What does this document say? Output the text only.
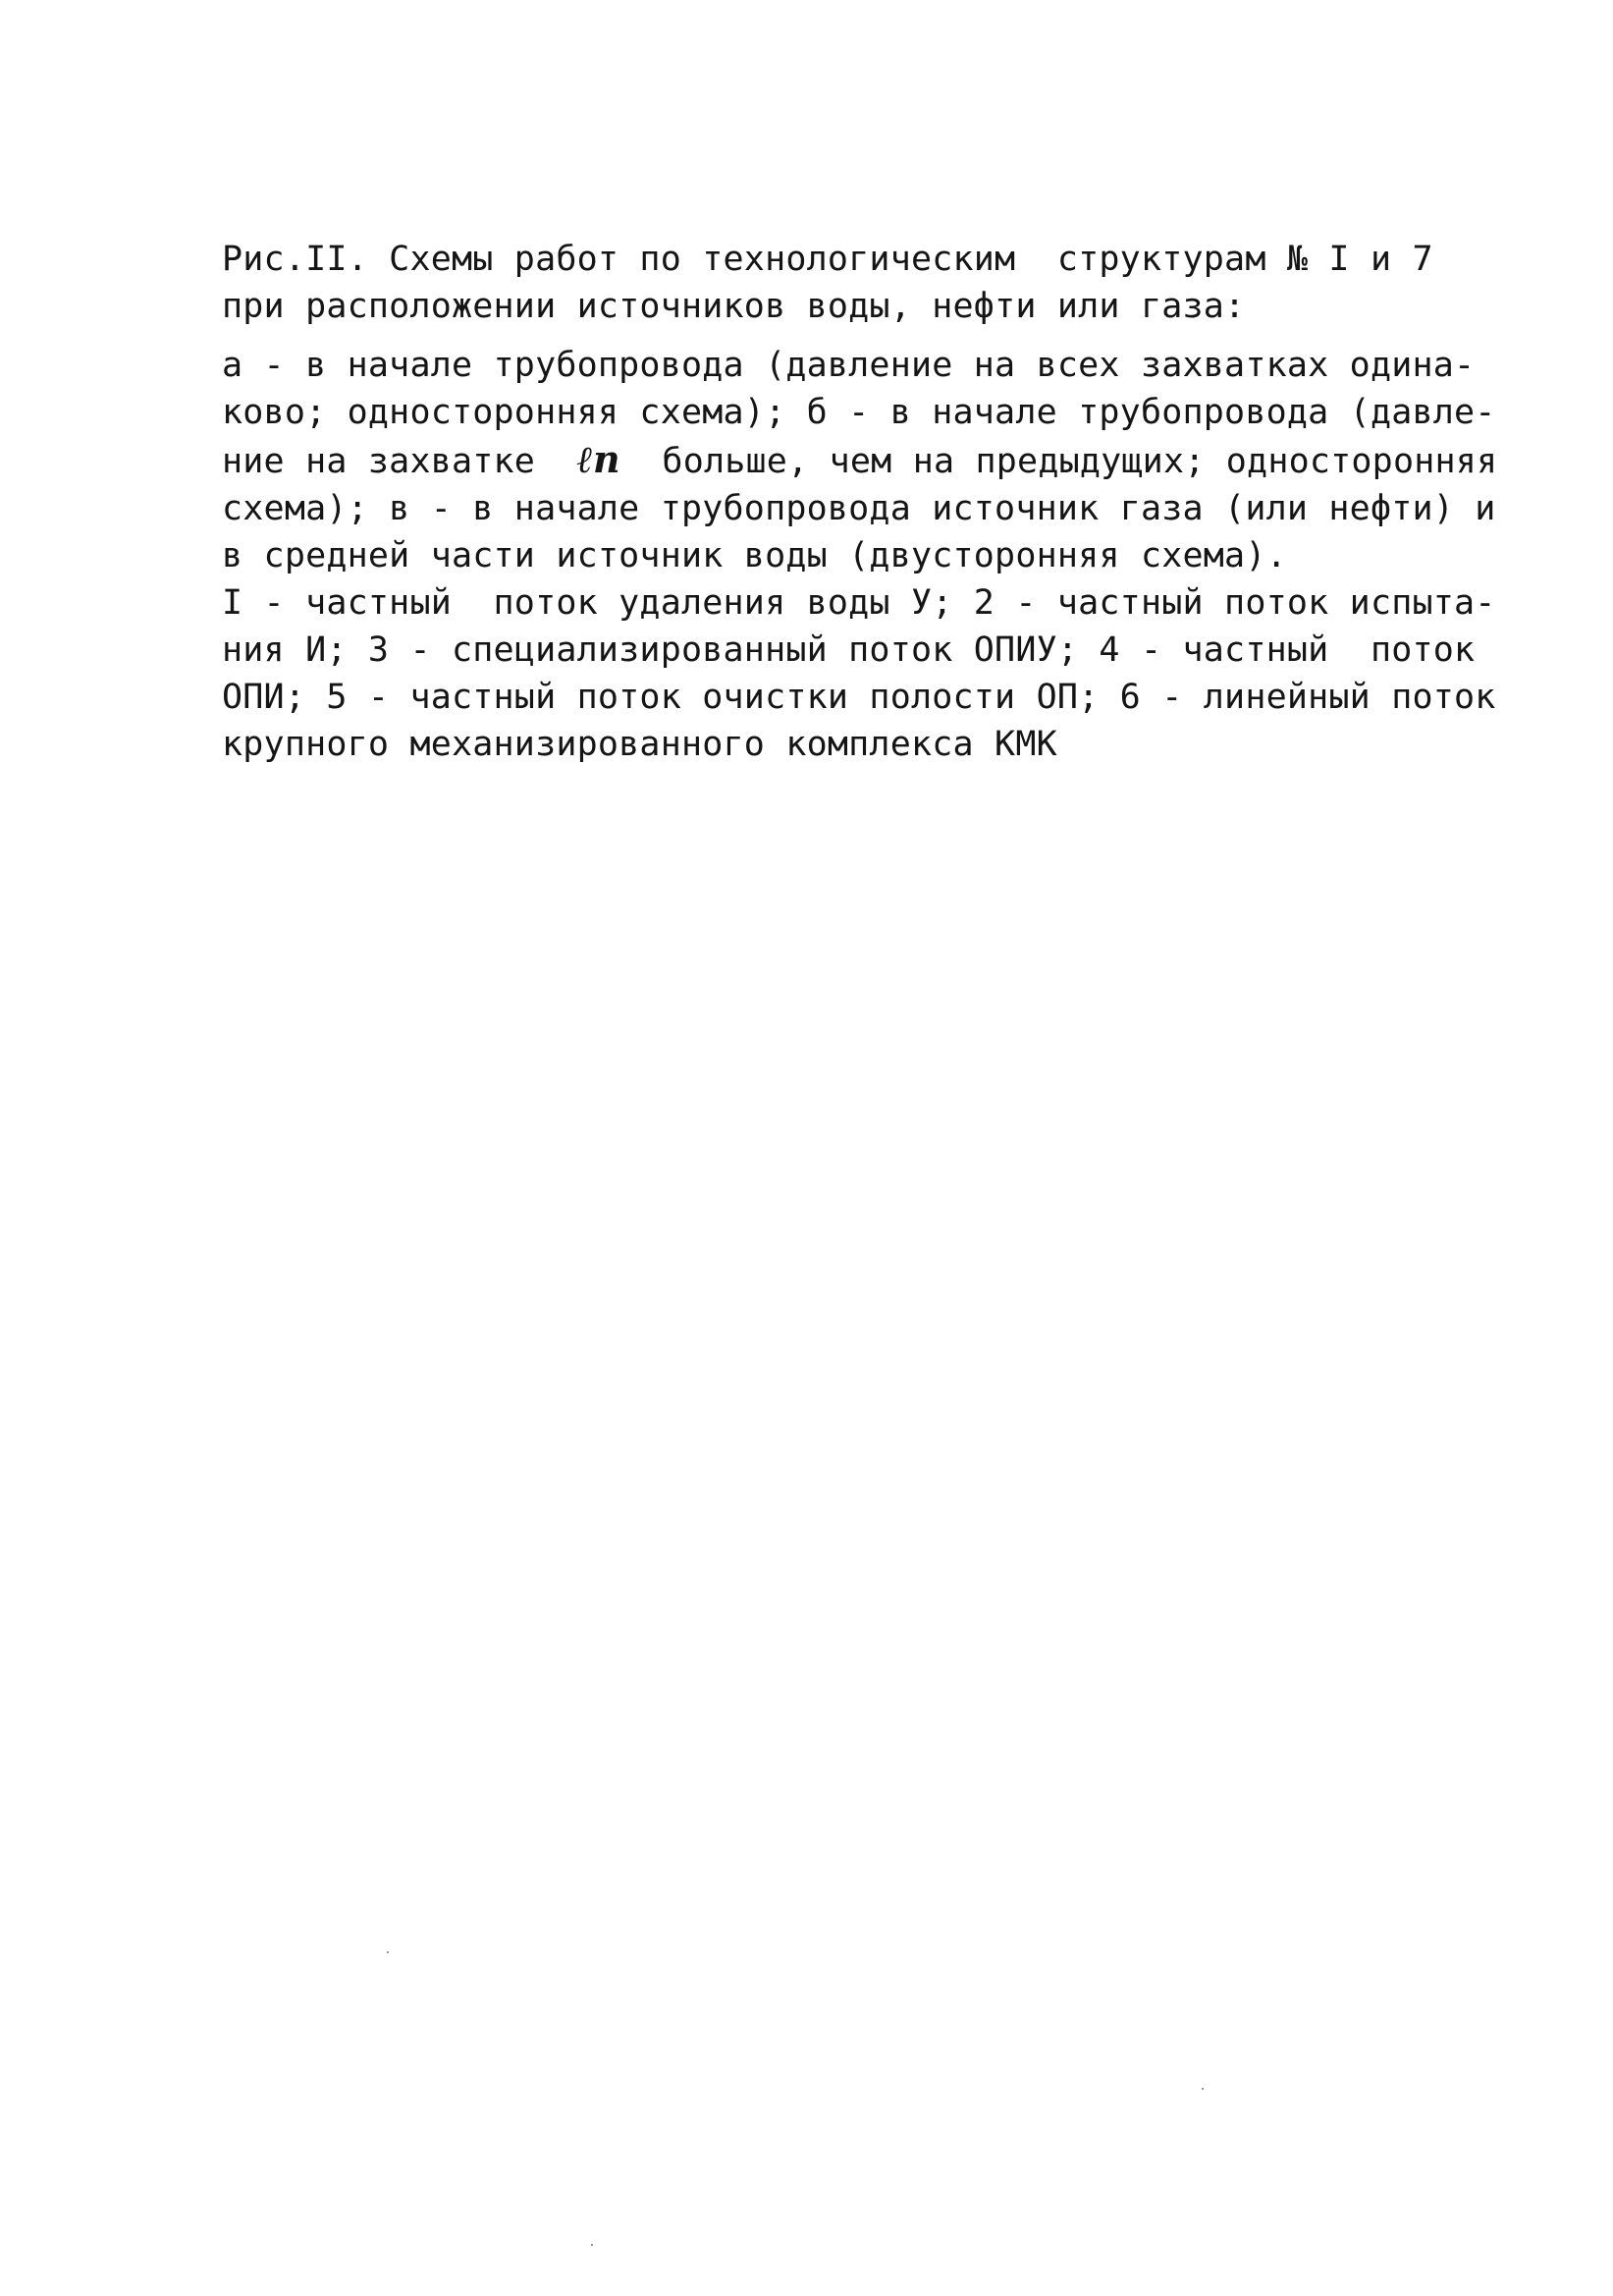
Рис.II. Схемы работ по технологическим  структурам № I и 7
при расположении источников воды, нефти или газа:
а - в начале трубопровода (давление на всех захватках одина-
ково; односторонняя схема); б - в начале трубопровода (давле-
ние на захватке  ℓп  больше, чем на предыдущих; односторонняя
схема); в - в начале трубопровода источник газа (или нефти) и
в средней части источник воды (двусторонняя схема).
I - частный  поток удаления воды У; 2 - частный поток испыта-
ния И; 3 - специализированный поток ОПИУ; 4 - частный  поток
ОПИ; 5 - частный поток очистки полости ОП; 6 - линейный поток
крупного механизированного комплекса КМК
